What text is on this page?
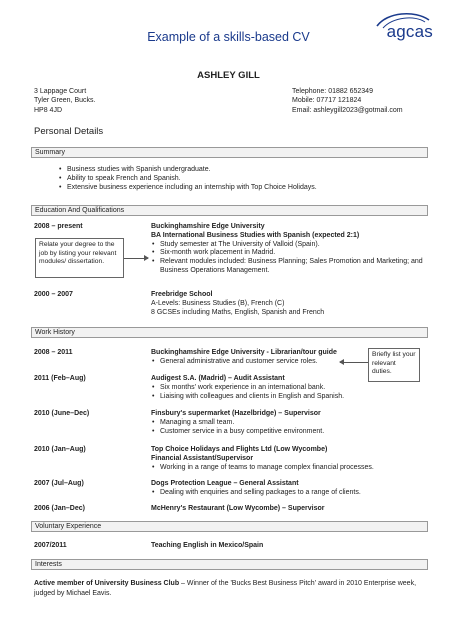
agcas
Example of a skills-based CV
ASHLEY GILL
3 Lappage Court
Tyler Green, Bucks.
HP8 4JD
Telephone: 01882 652349
Mobile: 07717 121824
Email: ashleygill2023@gotmail.com
Personal Details
Summary
• Business studies with Spanish undergraduate.
• Ability to speak French and Spanish.
• Extensive business experience including an internship with Top Choice Holidays.
Education And Qualifications
2008 – present	Buckinghamshire Edge University
BA International Business Studies with Spanish (expected 2:1)
• Study semester at The University of Valloid (Spain).
• Six-month work placement in Madrid.
• Relevant modules included: Business Planning; Sales Promotion and Marketing; and Business Operations Management.
Relate your degree to the job by listing your relevant modules/ dissertation.
2000 – 2007	Freebridge School
A-Levels: Business Studies (B), French (C)
8 GCSEs including Maths, English, Spanish and French
Work History
Briefly list your relevant duties.
2008 – 2011	Buckinghamshire Edge University - Librarian/tour guide
• General administrative and customer service roles.
2011 (Feb–Aug)	Audigest S.A. (Madrid) – Audit Assistant
• Six months' work experience in an international bank.
• Liaising with colleagues and clients in English and Spanish.
2010 (June–Dec)	Finsbury's supermarket (Hazelbridge) – Supervisor
• Managing a small team.
• Customer service in a busy competitive environment.
2010 (Jan–Aug)	Top Choice Holidays and Flights Ltd (Low Wycombe)
Financial Assistant/Supervisor
• Working in a range of teams to manage complex financial processes.
2007 (Jul–Aug)	Dogs Protection League – General Assistant
• Dealing with enquiries and selling packages to a range of clients.
2006 (Jan–Dec)	McHenry's Restaurant (Low Wycombe) – Supervisor
Voluntary Experience
2007/2011	Teaching English in Mexico/Spain
Interests
Active member of University Business Club – Winner of the 'Bucks Best Business Pitch' award in 2010 Enterprise week, judged by Michael Eavis.
